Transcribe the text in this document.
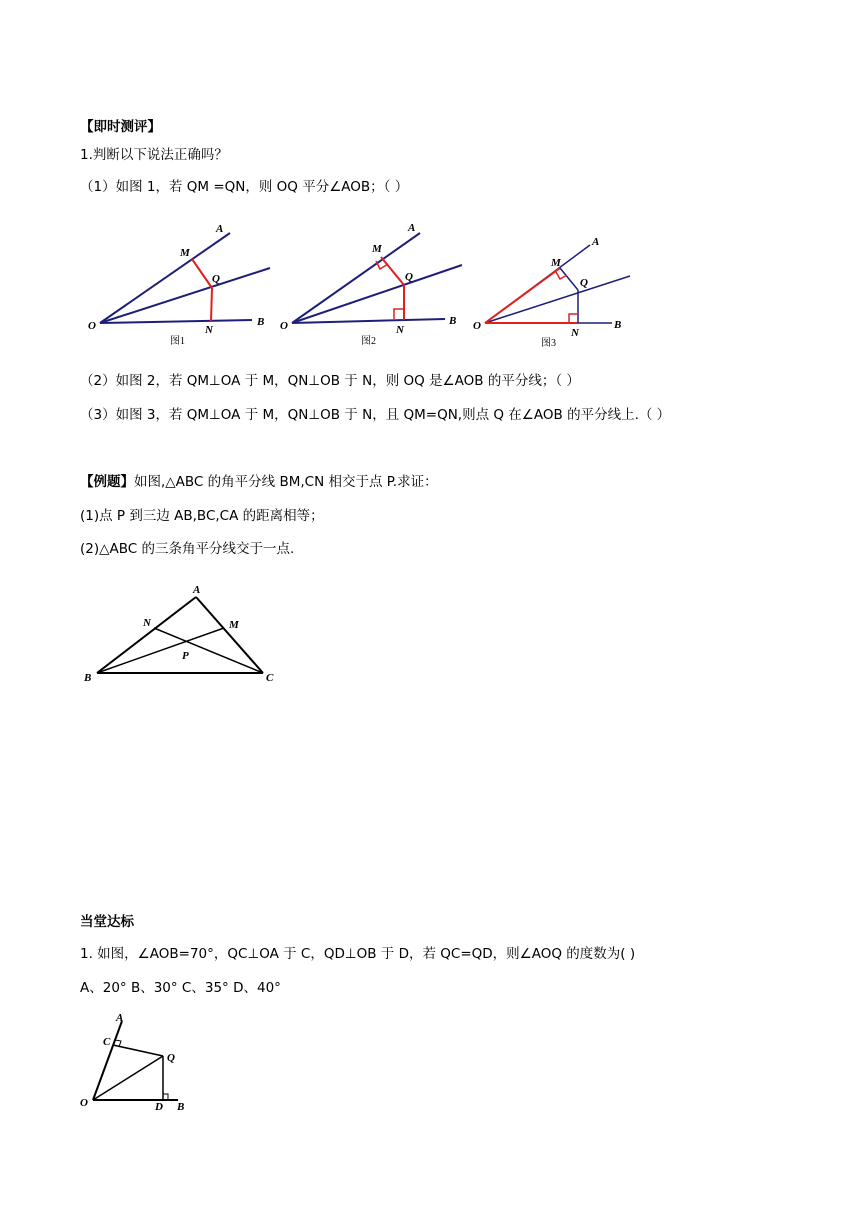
【即时测评】
1.判断以下说法正确吗？
（1）如图 1，若 QM =QN，则 OQ 平分∠AOB；（ ）
O
A
B
M
Q
N
图1
O
A
B
M
Q
N
图2
O
A
B
M
Q
N
图3
（2）如图 2，若 QM⊥OA 于 M，QN⊥OB 于 N，则 OQ 是∠AOB 的平分线；（ ）
（3）如图 3，若 QM⊥OA 于 M，QN⊥OB 于 N，且 QM=QN,则点 Q 在∠AOB 的平分线上.（ ）
【例题】如图,△ABC 的角平分线 BM,CN 相交于点 P.求证：
(1)点 P 到三边 AB,BC,CA 的距离相等；
(2)△ABC 的三条角平分线交于一点.
A
B	C
N	M
P
当堂达标
1. 如图，∠AOB=70°，QC⊥OA 于 C，QD⊥OB 于 D，若 QC=QD，则∠AOQ 的度数为( )
A、20° B、30° C、35° D、40°
A
C
Q
O	D B
